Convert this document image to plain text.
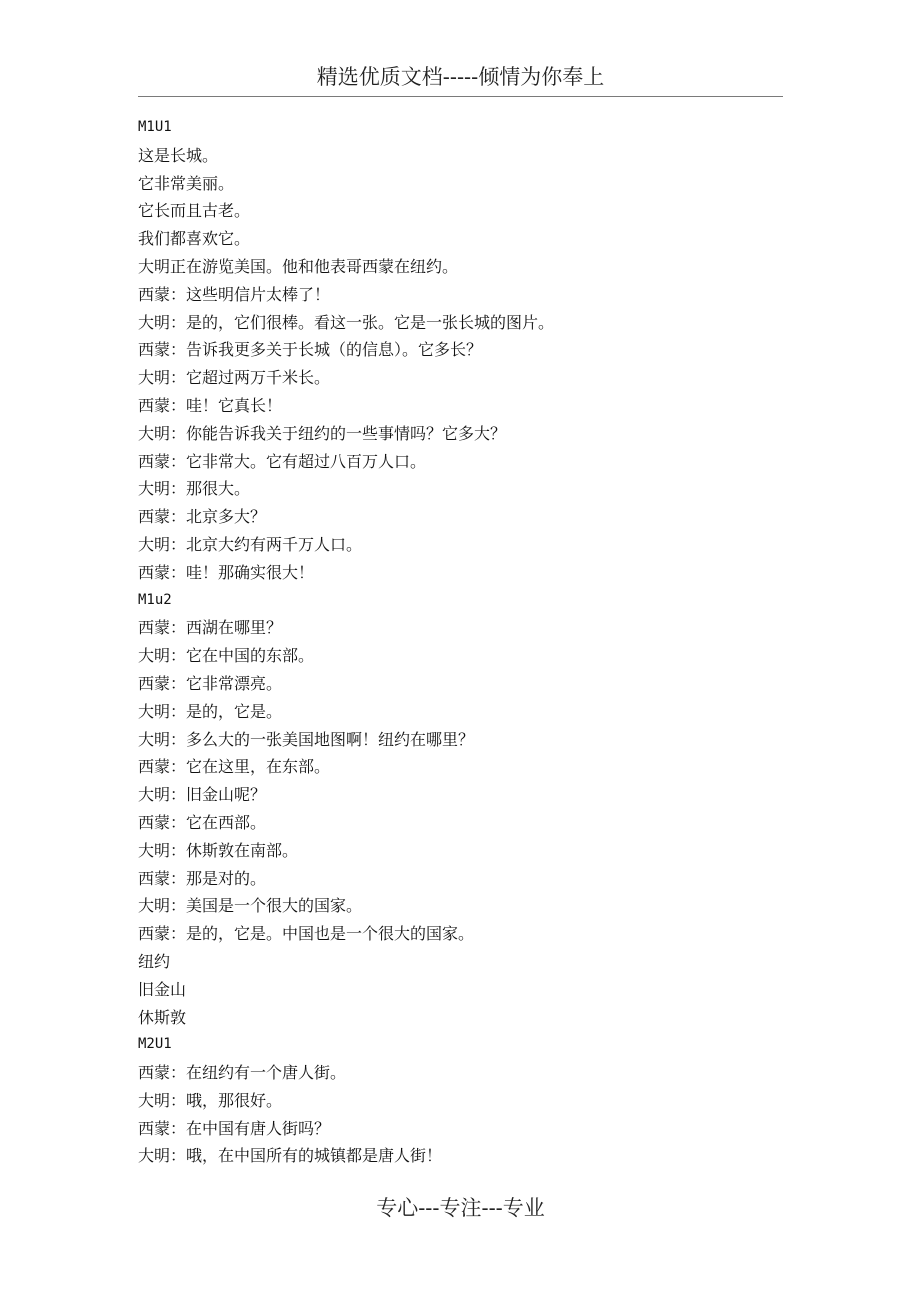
精选优质文档-----倾情为你奉上
M1U1
这是长城。
它非常美丽。
它长而且古老。
我们都喜欢它。
大明正在游览美国。他和他表哥西蒙在纽约。
西蒙：这些明信片太棒了！
大明：是的，它们很棒。看这一张。它是一张长城的图片。
西蒙：告诉我更多关于长城（的信息）。它多长？
大明：它超过两万千米长。
西蒙：哇！它真长！
大明：你能告诉我关于纽约的一些事情吗？它多大？
西蒙：它非常大。它有超过八百万人口。
大明：那很大。
西蒙：北京多大？
大明：北京大约有两千万人口。
西蒙：哇！那确实很大！
M1u2
西蒙：西湖在哪里？
大明：它在中国的东部。
西蒙：它非常漂亮。
大明：是的，它是。
大明：多么大的一张美国地图啊！纽约在哪里？
西蒙：它在这里，在东部。
大明：旧金山呢？
西蒙：它在西部。
大明：休斯敦在南部。
西蒙：那是对的。
大明：美国是一个很大的国家。
西蒙：是的，它是。中国也是一个很大的国家。
纽约
旧金山
休斯敦
M2U1
西蒙：在纽约有一个唐人街。
大明：哦，那很好。
西蒙：在中国有唐人街吗？
大明：哦，在中国所有的城镇都是唐人街！
专心---专注---专业
